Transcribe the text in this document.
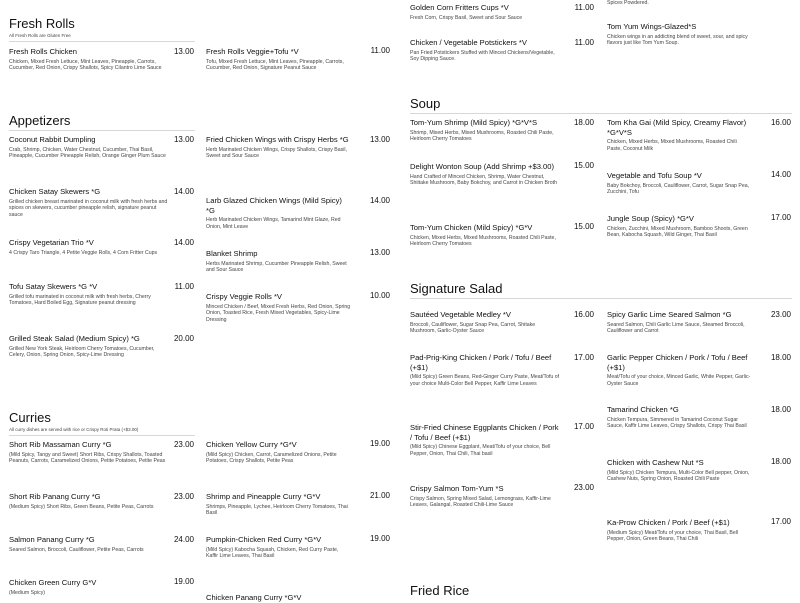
Fresh Rolls
All Fresh Rolls are Gluten Free
Fresh Rolls Chicken
Chicken, Mixed Fresh Lettuce, Mint Leaves, Pineapple, Carrots, Cucumber, Red Onion, Crispy Shallots, Spicy Cilantro Lime Sauce
13.00
Appetizers
Coconut Rabbit Dumpling
Crab, Shrimp, Chicken, Water Chestnut, Cucumber, Thai Basil, Pineapple, Cucumber Pineapple Relish, Orange Ginger Plum Sauce
13.00
Chicken Satay Skewers *G
Grilled chicken breast marinated in coconut milk with fresh herbs and spices on skewers, cucumber pineapple relish, signature peanut sauce
14.00
Crispy Vegetarian Trio *V
4 Crispy Taro Triangle, 4 Petite Veggie Rolls, 4 Corn Fritter Cups
14.00
Tofu Satay Skewers *G *V
Grilled tofu marinated in coconut milk with fresh herbs, Cherry Tomatoes, Hard Boiled Egg, Signature peanut dressing
11.00
Grilled Steak Salad (Medium Spicy) *G
Grilled New York Steak, Heirloom Cherry Tomatoes, Cucumber, Celery, Onion, Spring Onion, Spicy-Lime Dressing
20.00
Curries
All curry dishes are served with rice or Crispy Roti Prata (+$3.00)
Short Rib Massaman Curry *G
(Mild Spicy, Tangy and Sweet) Short Ribs, Crispy Shallots, Toasted Peanuts, Carrots, Caramelized Onions, Petite Potatoes, Petite Peas
23.00
Short Rib Panang Curry *G
(Medium Spicy) Short Ribs, Green Beans, Petite Peas, Carrots
23.00
Salmon Panang Curry *G
Seared Salmon, Broccoli, Cauliflower, Petite Peas, Carrots
24.00
Chicken Green Curry G*V
(Medium Spicy)
19.00
Fresh Rolls Veggie+Tofu *V
Tofu, Mixed Fresh Lettuce, Mint Leaves, Pineapple, Carrots, Cucumber, Red Onion, Signature Peanut Sauce
11.00
Fried Chicken Wings with Crispy Herbs *G
Herb Marinated Chicken Wings, Crispy Shallots, Crispy Basil, Sweet and Sour Sauce
13.00
Larb Glazed Chicken Wings (Mild Spicy) *G
Herb Marinated Chicken Wings, Tamarind Mint Glaze, Red Onion, Mint Leave
14.00
Blanket Shrimp
Herbs Marinated Shrimp, Cucumber Pineapple Relish, Sweet and Sour Sauce
13.00
Crispy Veggie Rolls *V
Minced Chicken / Beef, Mixed Fresh Herbs, Red Onion, Spring Onion, Toasted Rice, Fresh Mixed Vegetables, Spicy-Lime Dressing
10.00
Chicken Yellow Curry *G*V
(Mild Spicy) Chicken, Carrot, Caramelized Onions, Petite Potatoes, Crispy Shallots, Petite Peas
19.00
Shrimp and Pineapple Curry *G*V
Shrimps, Pineapple, Lychee, Heirloom Cherry Tomatoes, Thai Basil
21.00
Pumpkin-Chicken Red Curry *G*V
(Mild Spicy) Kabocha Squash, Chicken, Red Curry Paste, Kaffir Lime Leaves, Thai Basil
19.00
Chicken Panang Curry *G*V
Golden Corn Fritters Cups *V
Fresh Corn, Crispy Basil, Sweet and Sour Sauce
11.00
Chicken / Vegetable Potstickers *V
Pan Fried Potstickers Stuffed with Minced Chickens/Vegetable, Soy Dipping Sauce.
11.00
Soup
Tom-Yum Shrimp (Mild Spicy) *G*V*S
Shrimp, Mixed Herbs, Mixed Mushrooms, Roasted Chili Paste, Heirloom Cherry Tomatoes
18.00
Delight Wonton Soup (Add Shrimp +$3.00)
Hand Crafted of Minced Chicken, Shrimp, Water Chestnut, Shiitake Mushroom, Baby Bokchoy, and Carrot in Chicken Broth
15.00
Tom-Yum Chicken (Mild Spicy) *G*V
Chicken, Mixed Herbs, Mixed Mushrooms, Roasted Chili Paste, Heirloom Cherry Tomatoes
15.00
Signature Salad
Sautéed Vegetable Medley *V
Broccoli, Cauliflower, Sugar Snap Pea, Carrot, Shitake Mushroom, Garlic-Oyster Sauce
16.00
Pad-Prig-King Chicken / Pork / Tofu / Beef (+$1)
(Mild Spicy) Green Beans, Red-Ginger Curry Paste, Meat/Tofu of your choice Multi-Color Bell Pepper, Kaffir Lime Leaves
17.00
Stir-Fried Chinese Eggplants Chicken / Pork / Tofu / Beef (+$1)
(Mild Spicy) Chinese Eggplant, Meat/Tofu of your choice, Bell Pepper, Onion, Thai Chili, Thai basil
17.00
Crispy Salmon Tom-Yum *S
Crispy Salmon, Spring Mixed Salad, Lemongrass, Kaffir-Lime Leaves, Galangal, Roasted Chili-Lime Sauce
23.00
Fried Rice
Spices Powdered.
Tom Yum Wings-Glazed*S
Chicken wings in an addicting blend of sweet, sour, and spicy flavors just like Tom Yum Soup.
Tom Kha Gai (Mild Spicy, Creamy Flavor) *G*V*S
Chicken, Mixed Herbs, Mixed Mushrooms, Roasted Chili Paste, Coconut Milk
16.00
Vegetable and Tofu Soup *V
Baby Bokchoy, Broccoli, Cauliflower, Carrot, Sugar Snap Pea, Zucchini, Tofu
14.00
Jungle Soup (Spicy) *G*V
Chicken, Zucchini, Mixed Mushroom, Bamboo Shoots, Green Bean, Kabocha Squash, Wild Ginger, Thai Basil
17.00
Spicy Garlic Lime Seared Salmon *G
Seared Salmon, Chili Garlic Lime Sauce, Steamed Broccoli, Cauliflower and Carrot
23.00
Garlic Pepper Chicken / Pork / Tofu / Beef (+$1)
Meat/Tofu of your choice, Minced Garlic, White Pepper, Garlic-Oyster Sauce
18.00
Tamarind Chicken *G
Chicken Tempura, Simmered in Tamarind Coconut Sugar Sauce, Kaffir Lime Leaves, Crispy Shallots, Crispy Thai Basil
18.00
Chicken with Cashew Nut *S
(Mild Spicy) Chicken Tempura, Multi-Color Bell pepper, Onion, Cashew Nuts, Spring Onion, Roasted Chili Paste
18.00
Ka-Prow Chicken / Pork / Beef (+$1)
(Medium Spicy) Meat/Tofu of your choice, Thai Basil, Bell Pepper, Onion, Green Beans, Thai Chili
17.00
